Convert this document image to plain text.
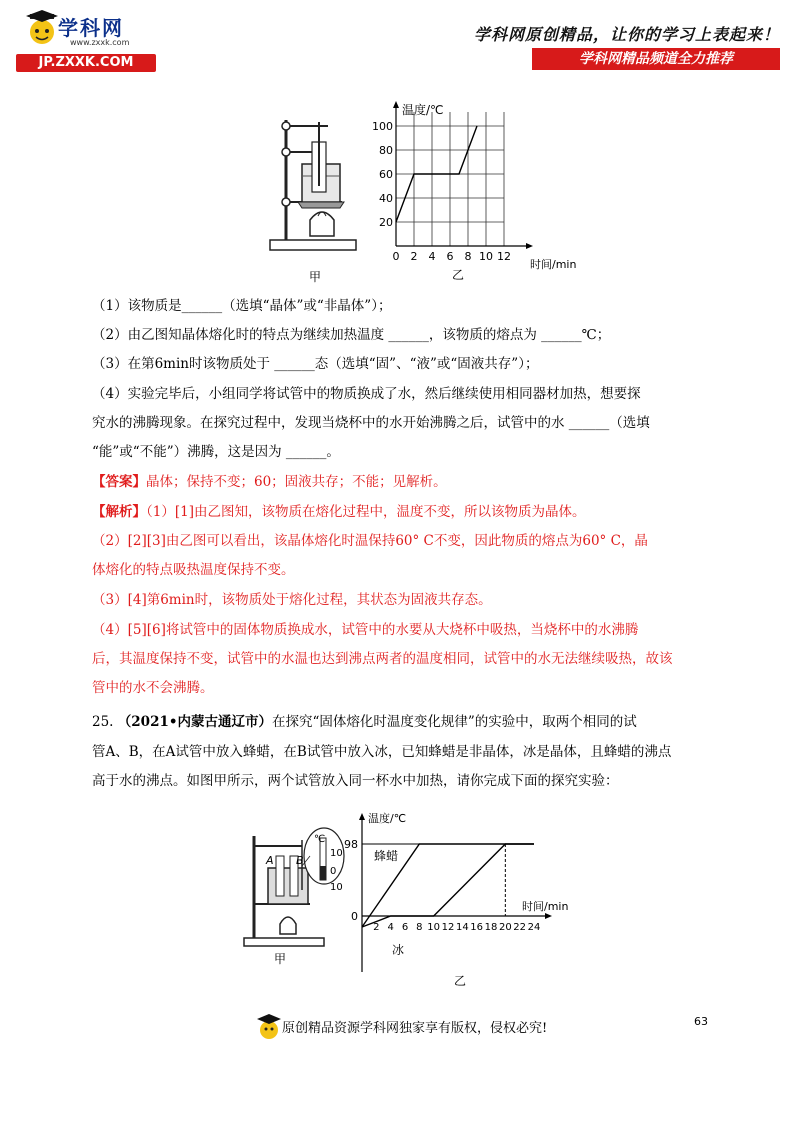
学科网
www.zxxk.com
JP.ZXXK.COM
学科网原创精品，让你的学习上表起来！
学科网精品频道全力推荐
甲
0 2 4 6 8 10 12
20
40
60
80
100
温度/℃
时间/min
乙
（1）该物质是______（选填“晶体”或“非晶体”）；
（2）由乙图知晶体熔化时的特点为继续加热温度 ______，该物质的熔点为 ______℃；
（3）在第6min时该物质处于 ______态（选填“固”、“液”或“固液共存”）；
（4）实验完毕后，小组同学将试管中的物质换成了水，然后继续使用相同器材加热，想要探
究水的沸腾现象。在探究过程中，发现当烧杯中的水开始沸腾之后，试管中的水 ______（选填
“能”或“不能”）沸腾，这是因为 ______。
【答案】晶体；保持不变；60；固液共存；不能；见解析。
【解析】（1）[1]由乙图知，该物质在熔化过程中，温度不变，所以该物质为晶体。
（2）[2][3]由乙图可以看出，该晶体熔化时温保持60° C不变，因此物质的熔点为60° C，晶
体熔化的特点吸热温度保持不变。
（3）[4]第6min时，该物质处于熔化过程，其状态为固液共存态。
（4）[5][6]将试管中的固体物质换成水，试管中的水要从大烧杯中吸热，当烧杯中的水沸腾
后，其温度保持不变，试管中的水温也达到沸点两者的温度相同，试管中的水无法继续吸热，故该
管中的水不会沸腾。
25. （2021•内蒙古通辽市）在探究“固体熔化时温度变化规律”的实验中，取两个相同的试
管A、B，在A试管中放入蜂蜡，在B试管中放入冰，已知蜂蜡是非晶体，冰是晶体，且蜂蜡的沸点
高于水的沸点。如图甲所示，两个试管放入同一杯水中加热，请你完成下面的探究实验：
A B
℃
10
0
10
甲
2 4 6 8 10 12 14 16 18 20 22 24
98
0
温度/℃
时间/min
蜂蜡
冰
乙
原创精品资源学科网独家享有版权，侵权必究!	63
